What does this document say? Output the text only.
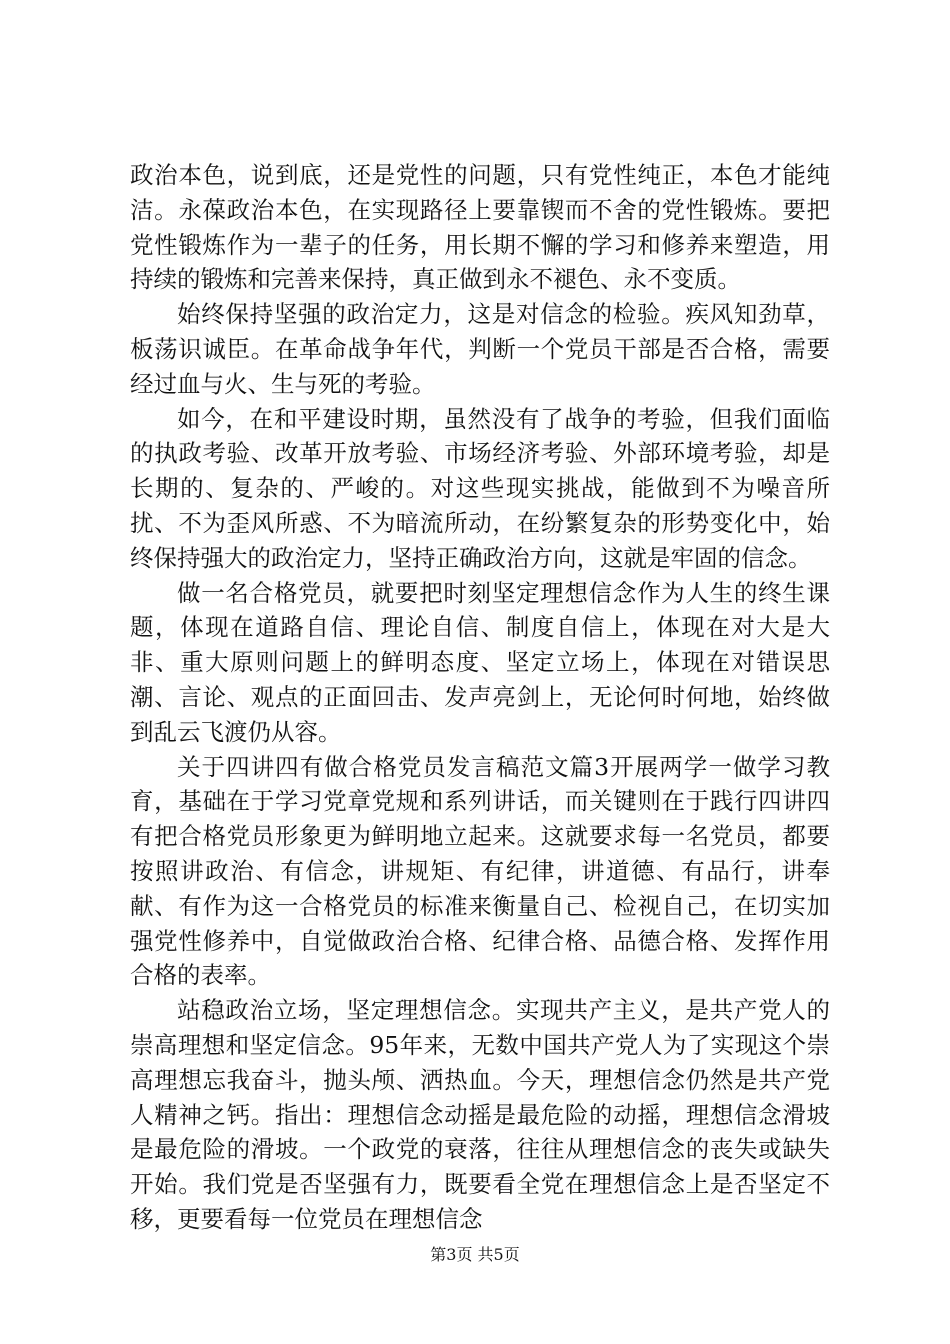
政治本色，说到底，还是党性的问题，只有党性纯正，本色才能纯洁。永葆政治本色，在实现路径上要靠锲而不舍的党性锻炼。要把党性锻炼作为一辈子的任务，用长期不懈的学习和修养来塑造，用持续的锻炼和完善来保持，真正做到永不褪色、永不变质。

始终保持坚强的政治定力，这是对信念的检验。疾风知劲草，板荡识诚臣。在革命战争年代，判断一个党员干部是否合格，需要经过血与火、生与死的考验。

如今，在和平建设时期，虽然没有了战争的考验，但我们面临的执政考验、改革开放考验、市场经济考验、外部环境考验，却是长期的、复杂的、严峻的。对这些现实挑战，能做到不为噪音所扰、不为歪风所惑、不为暗流所动，在纷繁复杂的形势变化中，始终保持强大的政治定力，坚持正确政治方向，这就是牢固的信念。

做一名合格党员，就要把时刻坚定理想信念作为人生的终生课题，体现在道路自信、理论自信、制度自信上，体现在对大是大非、重大原则问题上的鲜明态度、坚定立场上，体现在对错误思潮、言论、观点的正面回击、发声亮剑上，无论何时何地，始终做到乱云飞渡仍从容。

关于四讲四有做合格党员发言稿范文篇3开展两学一做学习教育，基础在于学习党章党规和系列讲话，而关键则在于践行四讲四有把合格党员形象更为鲜明地立起来。这就要求每一名党员，都要按照讲政治、有信念，讲规矩、有纪律，讲道德、有品行，讲奉献、有作为这一合格党员的标准来衡量自己、检视自己，在切实加强党性修养中，自觉做政治合格、纪律合格、品德合格、发挥作用合格的表率。

站稳政治立场，坚定理想信念。实现共产主义，是共产党人的崇高理想和坚定信念。95年来，无数中国共产党人为了实现这个崇高理想忘我奋斗，抛头颅、洒热血。今天，理想信念仍然是共产党人精神之钙。指出：理想信念动摇是最危险的动摇，理想信念滑坡是最危险的滑坡。一个政党的衰落，往往从理想信念的丧失或缺失开始。我们党是否坚强有力，既要看全党在理想信念上是否坚定不移，更要看每一位党员在理想信念

第3页 共5页
